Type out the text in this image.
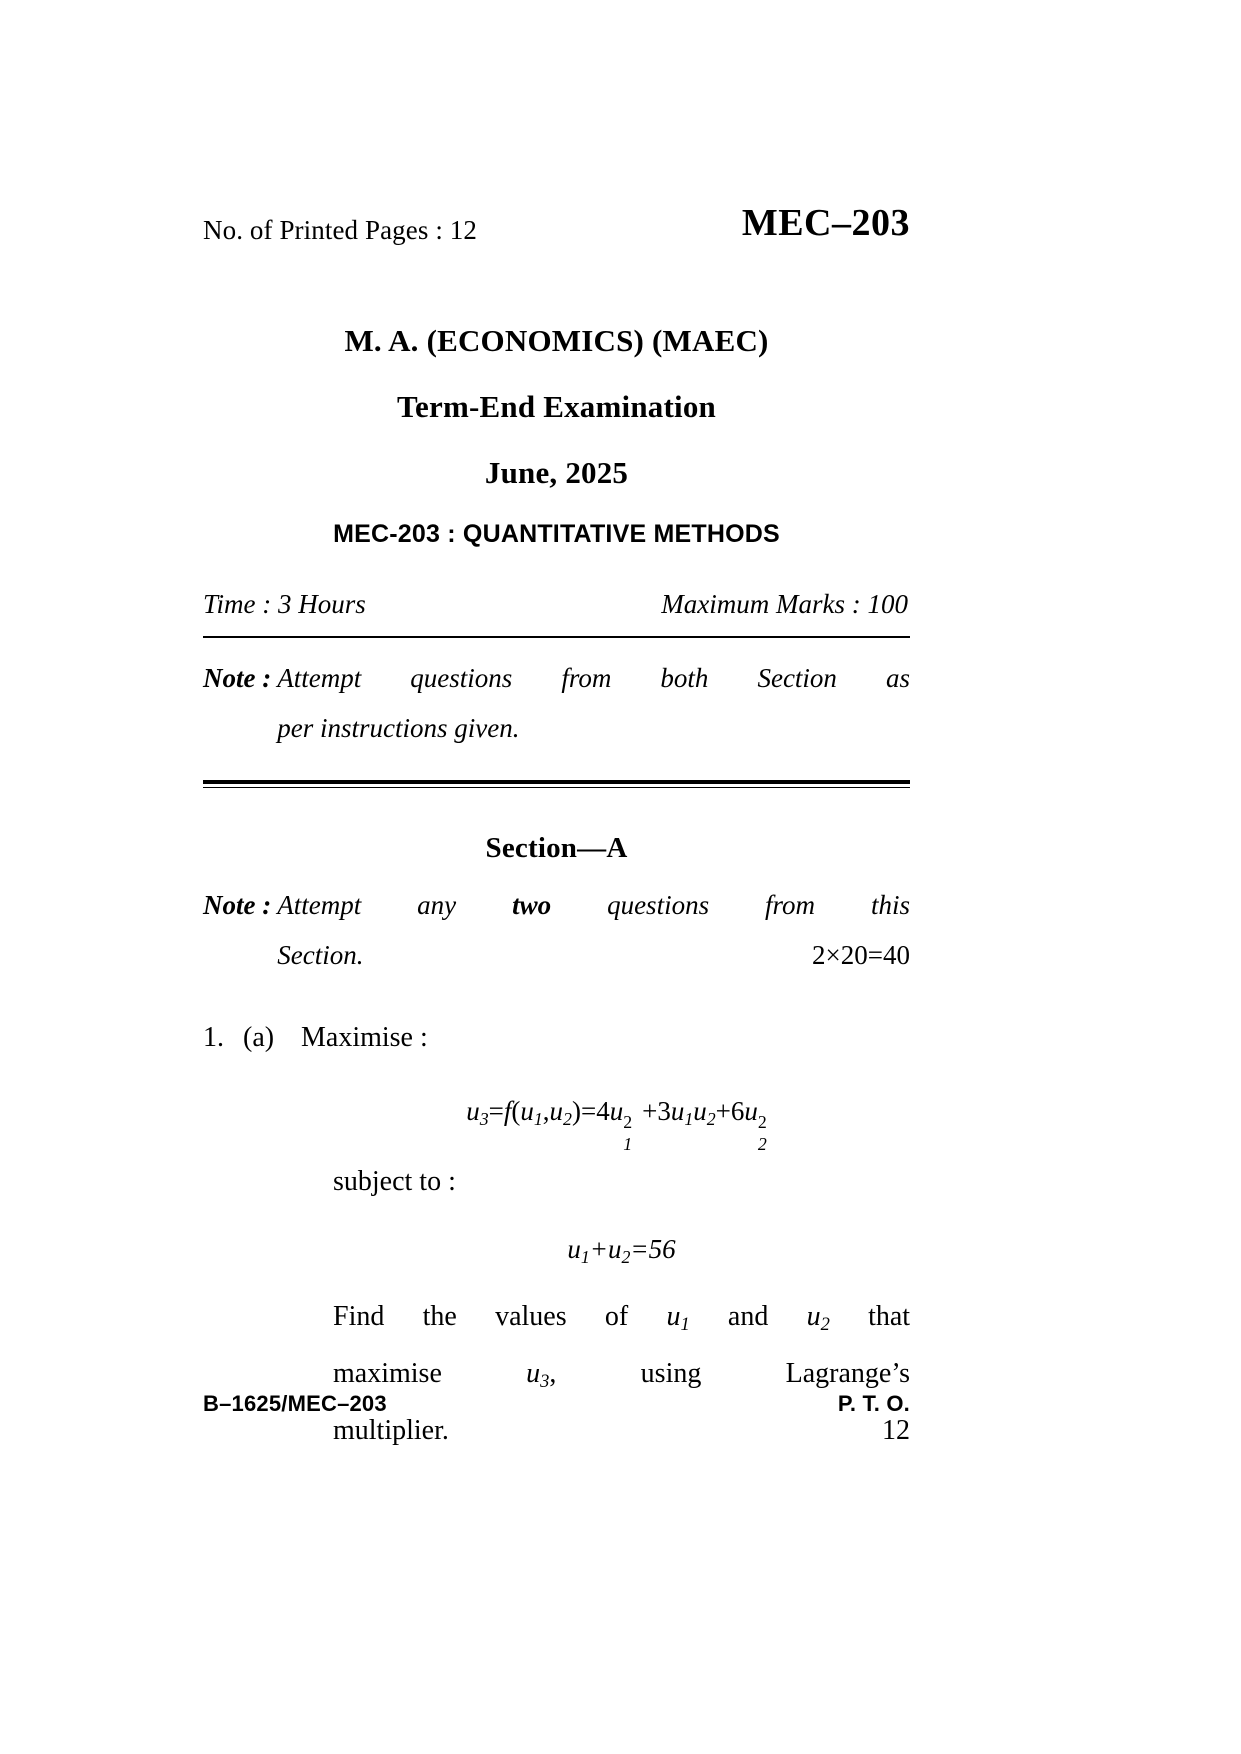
No. of Printed Pages : 12	MEC–203
M. A. (ECONOMICS) (MAEC)
Term-End Examination
June, 2025
MEC-203 : QUANTITATIVE METHODS
Time : 3 Hours	Maximum Marks : 100
Note : Attempt questions from both Section as
per instructions given.
Section—A
Note : Attempt any two questions from this
Section.	2×20=40
1. (a) Maximise :
$u_3=f(u_1,u_2)=4u$ 2
1
$+3u_1u_2+6u$ 2
2
subject to :
$u_1+u_2=56$
Find the values of $u_1$ and $u_2$ that
maximise	$u_3$,	using	Lagrange’s
multiplier.	12
B–1625/MEC–203	P. T. O.
